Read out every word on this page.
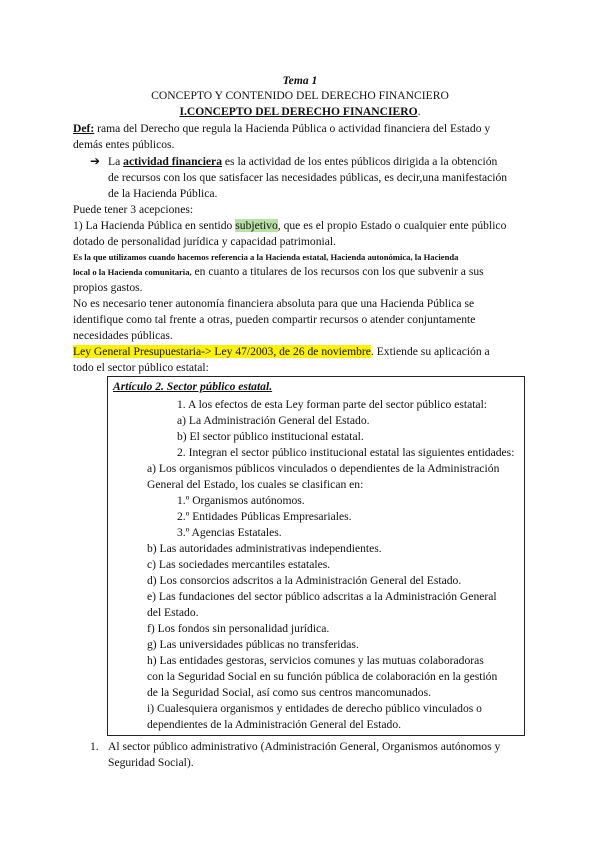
Tema 1
CONCEPTO Y CONTENIDO DEL DERECHO FINANCIERO
I.CONCEPTO DEL DERECHO FINANCIERO.
Def: rama del Derecho que regula la Hacienda Pública o actividad financiera del Estado y
demás entes públicos.
➔ La actividad financiera es la actividad de los entes públicos dirigida a la obtención
de recursos con los que satisfacer las necesidades públicas, es decir,una manifestación
de la Hacienda Pública.
Puede tener 3 acepciones:
1) La Hacienda Pública en sentido subjetivo, que es el propio Estado o cualquier ente público
dotado de personalidad jurídica y capacidad patrimonial.
Es la que utilizamos cuando hacemos referencia a la Hacienda estatal, Hacienda autonómica, la Hacienda
local o la Hacienda comunitaria, en cuanto a titulares de los recursos con los que subvenir a sus
propios gastos.
No es necesario tener autonomía financiera absoluta para que una Hacienda Pública se
identifique como tal frente a otras, pueden compartir recursos o atender conjuntamente
necesidades públicas.
Ley General Presupuestaria-> Ley 47/2003, de 26 de noviembre. Extiende su aplicación a
todo el sector público estatal:
Artículo 2. Sector público estatal.
1. A los efectos de esta Ley forman parte del sector público estatal:
a) La Administración General del Estado.
b) El sector público institucional estatal.
2. Integran el sector público institucional estatal las siguientes entidades:
a) Los organismos públicos vinculados o dependientes de la Administración
General del Estado, los cuales se clasifican en:
1.º Organismos autónomos.
2.º Entidades Públicas Empresariales.
3.º Agencias Estatales.
b) Las autoridades administrativas independientes.
c) Las sociedades mercantiles estatales.
d) Los consorcios adscritos a la Administración General del Estado.
e) Las fundaciones del sector público adscritas a la Administración General
del Estado.
f) Los fondos sin personalidad jurídica.
g) Las universidades públicas no transferidas.
h) Las entidades gestoras, servicios comunes y las mutuas colaboradoras
con la Seguridad Social en su función pública de colaboración en la gestión
de la Seguridad Social, así como sus centros mancomunados.
i) Cualesquiera organismos y entidades de derecho público vinculados o
dependientes de la Administración General del Estado.
1. Al sector público administrativo (Administración General, Organismos autónomos y
Seguridad Social).
